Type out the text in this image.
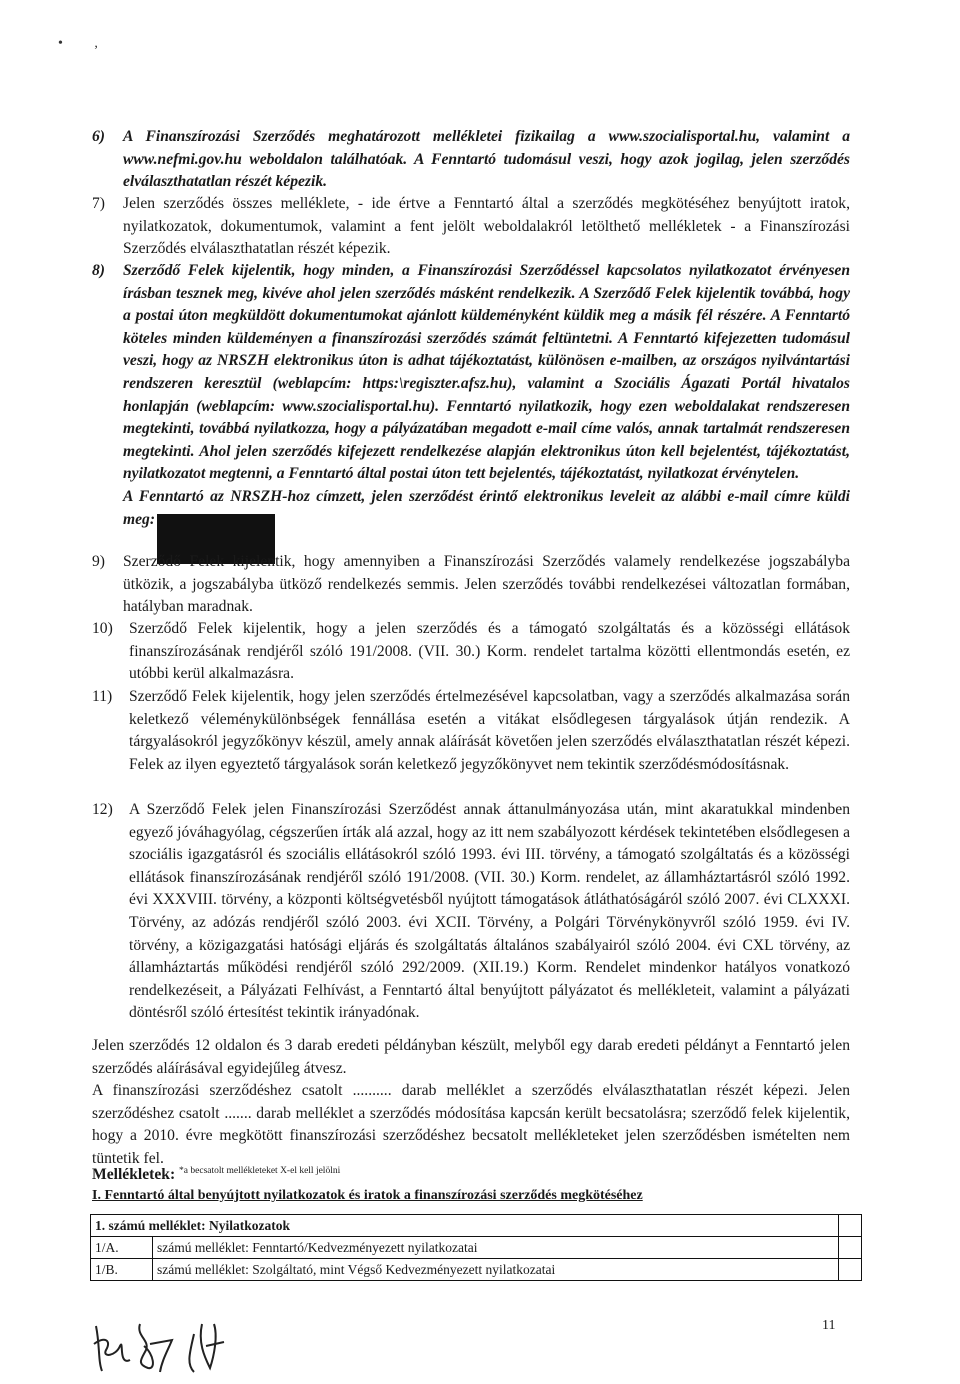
• ,
6) A Finanszírozási Szerződés meghatározott mellékletei fizikailag a www.szocialisportal.hu, valamint a www.nefmi.gov.hu weboldalon találhatóak. A Fenntartó tudomásul veszi, hogy azok jogilag, jelen szerződés elválaszthatatlan részét képezik.
7) Jelen szerződés összes melléklete, - ide értve a Fenntartó által a szerződés megkötéséhez benyújtott iratok, nyilatkozatok, dokumentumok, valamint a fent jelölt weboldalakról letölthető mellékletek - a Finanszírozási Szerződés elválaszthatatlan részét képezik.
8) Szerződő Felek kijelentik, hogy minden, a Finanszírozási Szerződéssel kapcsolatos nyilatkozatot érvényesen írásban tesznek meg, kivéve ahol jelen szerződés másként rendelkezik. A Szerződő Felek kijelentik továbbá, hogy a postai úton megküldött dokumentumokat ajánlott küldeményként küldik meg a másik fél részére. A Fenntartó köteles minden küldeményen a finanszírozási szerződés számát feltüntetni. A Fenntartó kifejezetten tudomásul veszi, hogy az NRSZH elektronikus úton is adhat tájékoztatást, különösen e-mailben, az országos nyilvántartási rendszeren keresztül (weblapcím: https:\regiszter.afsz.hu), valamint a Szociális Ágazati Portál hivatalos honlapján (weblapcím: www.szocialisportal.hu). Fenntartó nyilatkozik, hogy ezen weboldalakat rendszeresen megtekinti, továbbá nyilatkozza, hogy a pályázatában megadott e-mail címe valós, annak tartalmát rendszeresen megtekinti. Ahol jelen szerződés kifejezett rendelkezése alapján elektronikus úton kell bejelentést, tájékoztatást, nyilatkozatot megtenni, a Fenntartó által postai úton tett bejelentés, tájékoztatást, nyilatkozat érvénytelen.
A Fenntartó az NRSZH-hoz címzett, jelen szerződést érintő elektronikus leveleit az alábbi e-mail címre küldi meg:
9) Szerződő Felek kijelentik, hogy amennyiben a Finanszírozási Szerződés valamely rendelkezése jogszabályba ütközik, a jogszabályba ütköző rendelkezés semmis. Jelen szerződés további rendelkezései változatlan formában, hatályban maradnak.
10) Szerződő Felek kijelentik, hogy a jelen szerződés és a támogató szolgáltatás és a közösségi ellátások finanszírozásának rendjéről szóló 191/2008. (VII. 30.) Korm. rendelet tartalma közötti ellentmondás esetén, ez utóbbi kerül alkalmazásra.
11) Szerződő Felek kijelentik, hogy jelen szerződés értelmezésével kapcsolatban, vagy a szerződés alkalmazása során keletkező véleménykülönbségek fennállása esetén a vitákat elsődlegesen tárgyalások útján rendezik. A tárgyalásokról jegyzőkönyv készül, amely annak aláírását követően jelen szerződés elválaszthatatlan részét képezi. Felek az ilyen egyeztető tárgyalások során keletkező jegyzőkönyvet nem tekintik szerződésmódosításnak.
12) A Szerződő Felek jelen Finanszírozási Szerződést annak áttanulmányozása után, mint akaratukkal mindenben egyező jóváhagyólag, cégszerűen írták alá azzal, hogy az itt nem szabályozott kérdések tekintetében elsődlegesen a szociális igazgatásról és szociális ellátásokról szóló 1993. évi III. törvény, a támogató szolgáltatás és a közösségi ellátások finanszírozásának rendjéről szóló 191/2008. (VII. 30.) Korm. rendelet, az államháztartásról szóló 1992. évi XXXVIII. törvény, a központi költségvetésből nyújtott támogatások átláthatóságáról szóló 2007. évi CLXXXI. Törvény, az adózás rendjéről szóló 2003. évi XCII. Törvény, a Polgári Törvénykönyvről szóló 1959. évi IV. törvény, a közigazgatási hatósági eljárás és szolgáltatás általános szabályairól szóló 2004. évi CXL törvény, az államháztartás működési rendjéről szóló 292/2009. (XII.19.) Korm. Rendelet mindenkor hatályos vonatkozó rendelkezéseit, a Pályázati Felhívást, a Fenntartó által benyújtott pályázatot és mellékleteit, valamint a pályázati döntésről szóló értesítést tekintik irányadónak.
Jelen szerződés 12 oldalon és 3 darab eredeti példányban készült, melyből egy darab eredeti példányt a Fenntartó jelen szerződés aláírásával egyidejűleg átvesz.
A finanszírozási szerződéshez csatolt .......... darab melléklet a szerződés elválaszthatatlan részét képezi. Jelen szerződéshez csatolt ....... darab melléklet a szerződés módosítása kapcsán került becsatolásra; szerződő felek kijelentik, hogy a 2010. évre megkötött finanszírozási szerződéshez becsatolt mellékleteket jelen szerződésben ismételten nem tüntetik fel.
Mellékletek: $^{*a becsatolt mellékleteket X-el kell jelölni}$
I. Fenntartó által benyújtott nyilatkozatok és iratok a finanszírozási szerződés megkötéséhez
1. számú melléklet: Nyilatkozatok		
1/A.	számú melléklet: Fenntartó/Kedvezményezett nyilatkozatai	
1/B.	számú melléklet: Szolgáltató, mint Végső Kedvezményezett nyilatkozatai	
11
